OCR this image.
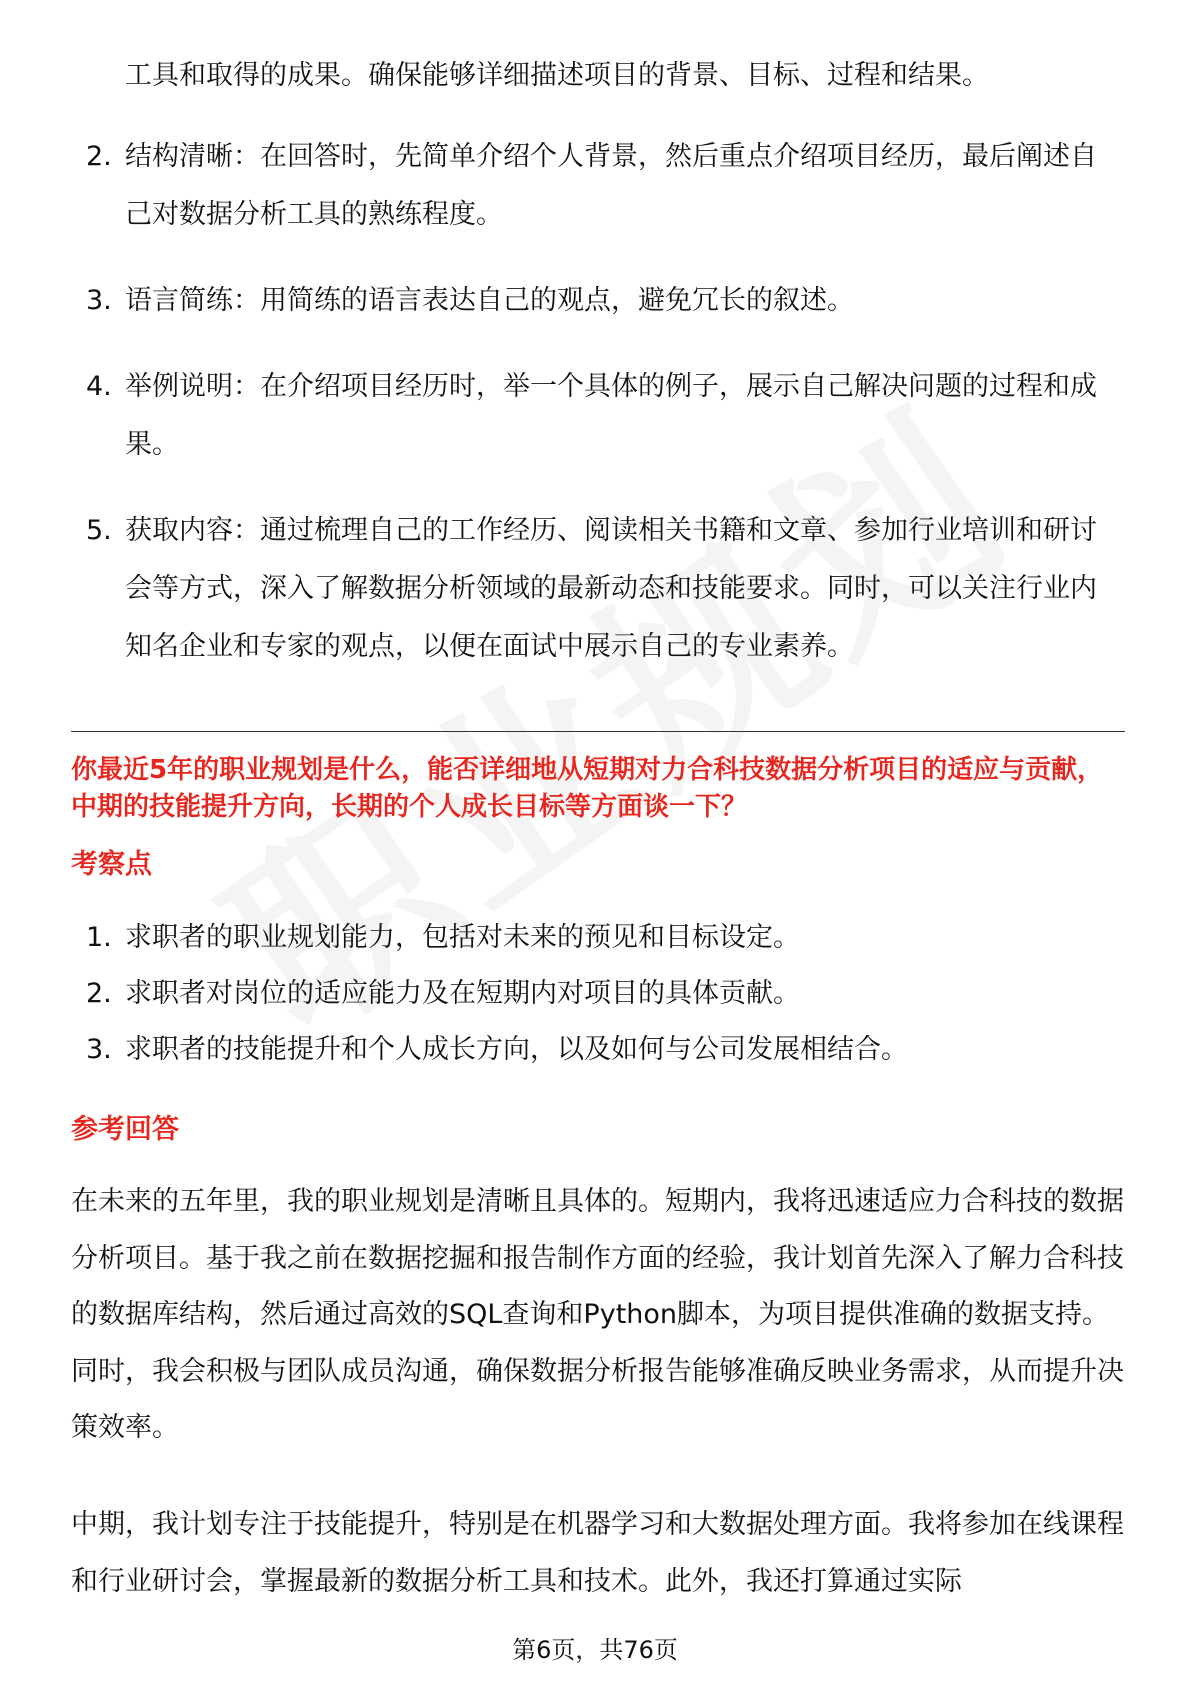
工具和取得的成果。确保能够详细描述项目的背景、目标、过程和结果。
2. 结构清晰：在回答时，先简单介绍个人背景，然后重点介绍项目经历，最后阐述自己对数据分析工具的熟练程度。
3. 语言简练：用简练的语言表达自己的观点，避免冗长的叙述。
4. 举例说明：在介绍项目经历时，举一个具体的例子，展示自己解决问题的过程和成果。
5. 获取内容：通过梳理自己的工作经历、阅读相关书籍和文章、参加行业培训和研讨会等方式，深入了解数据分析领域的最新动态和技能要求。同时，可以关注行业内知名企业和专家的观点，以便在面试中展示自己的专业素养。
你最近5年的职业规划是什么，能否详细地从短期对力合科技数据分析项目的适应与贡献，中期的技能提升方向，长期的个人成长目标等方面谈一下？
考察点
1. 求职者的职业规划能力，包括对未来的预见和目标设定。
2. 求职者对岗位的适应能力及在短期内对项目的具体贡献。
3. 求职者的技能提升和个人成长方向，以及如何与公司发展相结合。
参考回答
在未来的五年里，我的职业规划是清晰且具体的。短期内，我将迅速适应力合科技的数据分析项目。基于我之前在数据挖掘和报告制作方面的经验，我计划首先深入了解力合科技的数据库结构，然后通过高效的SQL查询和Python脚本，为项目提供准确的数据支持。同时，我会积极与团队成员沟通，确保数据分析报告能够准确反映业务需求，从而提升决策效率。
中期，我计划专注于技能提升，特别是在机器学习和大数据处理方面。我将参加在线课程和行业研讨会，掌握最新的数据分析工具和技术。此外，我还打算通过实际
第6页，共76页
